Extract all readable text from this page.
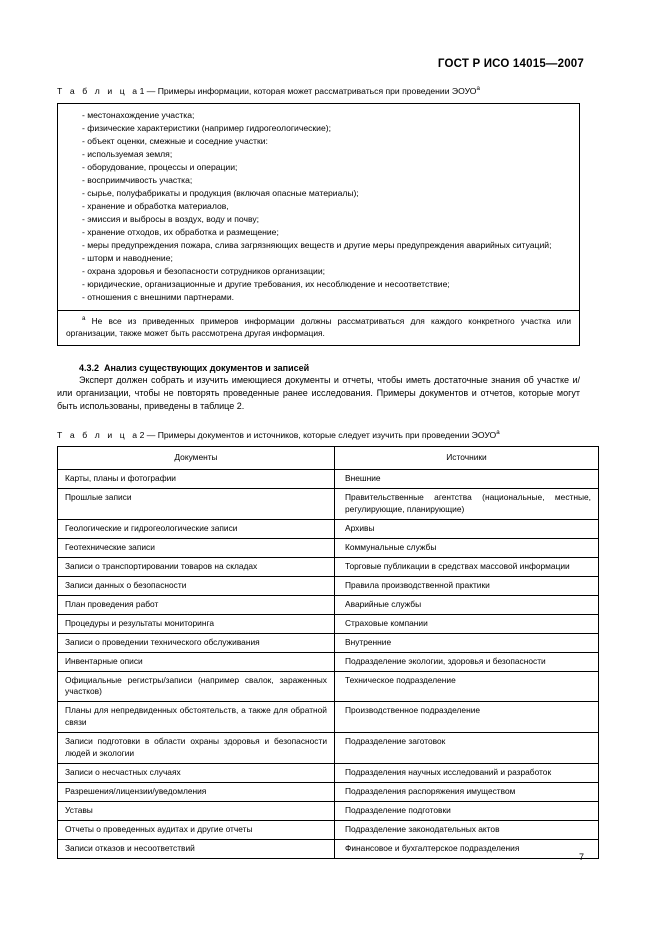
ГОСТ Р ИСО 14015—2007

Т а б л и ц а1 — Примеры информации, которая может рассматриваться при проведении ЭОУО$^a$

- местонахождение участка;

- физические характеристики (например гидрогеологические);

- объект оценки, смежные и соседние участки:

- используемая земля;

- оборудование, процессы и операции;

- восприимчивость участка;

- сырье, полуфабрикаты и продукция (включая опасные материалы);

- хранение и обработка материалов,

- эмиссия и выбросы в воздух, воду и почву;

- хранение отходов, их обработка и размещение;

- меры предупреждения пожара, слива загрязняющих веществ и другие меры предупреждения аварийных ситуаций;

- шторм и наводнение;

- охрана здоровья и безопасности сотрудников организации;

- юридические, организационные и другие требования, их несоблюдение и несоответствие;

- отношения с внешними партнерами.

$^a$ Не все из приведенных примеров информации должны рассматриваться для каждого конкретного участка или организации, также может быть рассмотрена другая информация.

4.3.2 Анализ существующих документов и записей

Эксперт должен собрать и изучить имеющиеся документы и отчеты, чтобы иметь достаточные знания об участке и/или организации, чтобы не повторять проведенные ранее исследования. Примеры документов и отчетов, которые могут быть использованы, приведены в таблице 2.

Т а б л и ц а2 — Примеры документов и источников, которые следует изучить при проведении ЭОУО$^a$

Документы	Источники
Карты, планы и фотографии	Внешние
Прошлые записи	Правительственные агентства (национальные, местные, регулирующие, планирующие)
Геологические и гидрогеологические записи	Архивы
Геотехнические записи	Коммунальные службы
Записи о транспортировании товаров на складах	Торговые публикации в средствах массовой информации
Записи данных о безопасности	Правила производственной практики
План проведения работ	Аварийные службы
Процедуры и результаты мониторинга	Страховые компании
Записи о проведении технического обслуживания	Внутренние
Инвентарные описи	Подразделение экологии, здоровья и безопасности
Официальные регистры/записи (например свалок, зараженных участков)	Техническое подразделение
Планы для непредвиденных обстоятельств, а также для обратной связи	Производственное подразделение
Записи подготовки в области охраны здоровья и безопасности людей и экологии	Подразделение заготовок
Записи о несчастных случаях	Подразделения научных исследований и разработок
Разрешения/лицензии/уведомления	Подразделения распоряжения имуществом
Уставы	Подразделение подготовки
Отчеты о проведенных аудитах и другие отчеты	Подразделение законодательных актов
Записи отказов и несоответствий	Финансовое и бухгалтерское подразделения
7
